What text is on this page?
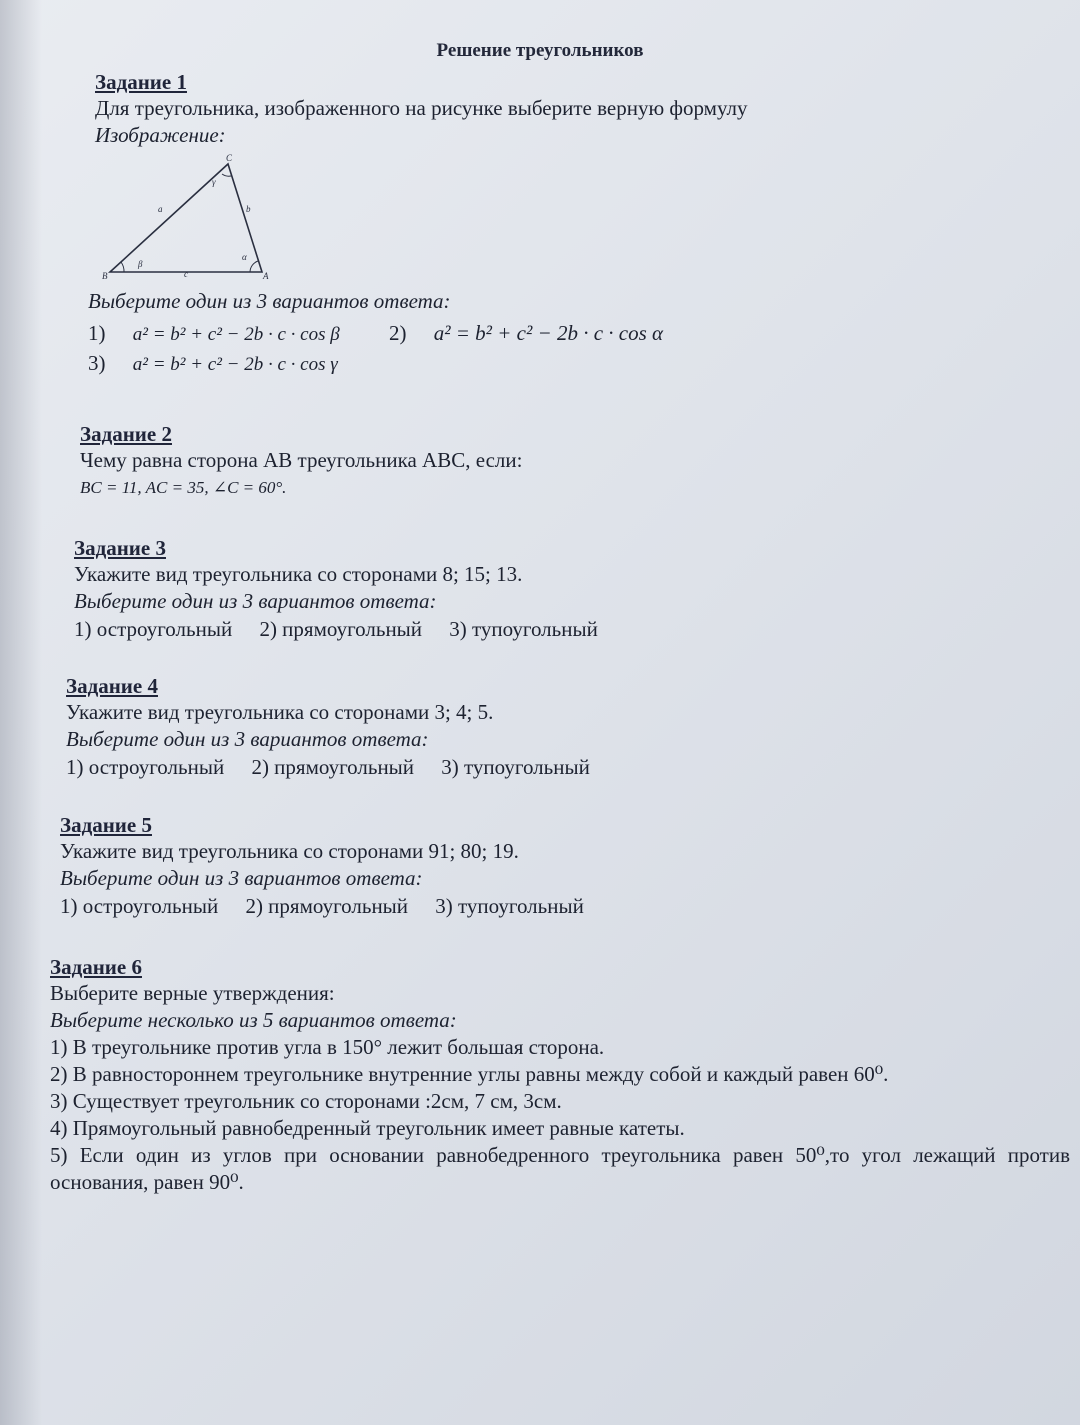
Решение треугольников
Задание 1
Для треугольника, изображенного на рисунке выберите верную формулу
Изображение:
B
C
A
a	b
c
β
α
γ
Выберите один из 3 вариантов ответа:
1) a² = b² + c² − 2b · c · cos β 2) a² = b² + c² − 2b · c · cos α
3) a² = b² + c² − 2b · c · cos γ
Задание 2
Чему равна сторона AB треугольника ABC, если:
BC = 11, AC = 35, ∠C = 60°.
Задание 3
Укажите вид треугольника со сторонами 8; 15; 13.
Выберите один из 3 вариантов ответа:
1) остроугольный 2) прямоугольный 3) тупоугольный
Задание 4
Укажите вид треугольника со сторонами 3; 4; 5.
Выберите один из 3 вариантов ответа:
1) остроугольный 2) прямоугольный 3) тупоугольный
Задание 5
Укажите вид треугольника со сторонами 91; 80; 19.
Выберите один из 3 вариантов ответа:
1) остроугольный 2) прямоугольный 3) тупоугольный
Задание 6
Выберите верные утверждения:
Выберите несколько из 5 вариантов ответа:
1) В треугольнике против угла в 150° лежит большая сторона.
2) В равностороннем треугольнике внутренние углы равны между собой и каждый равен 60⁰.
3) Существует треугольник со сторонами :2см, 7 см, 3см.
4) Прямоугольный равнобедренный треугольник имеет равные катеты.
5) Если один из углов при основании равнобедренного треугольника равен 50⁰,то угол лежащий против основания, равен 90⁰.
